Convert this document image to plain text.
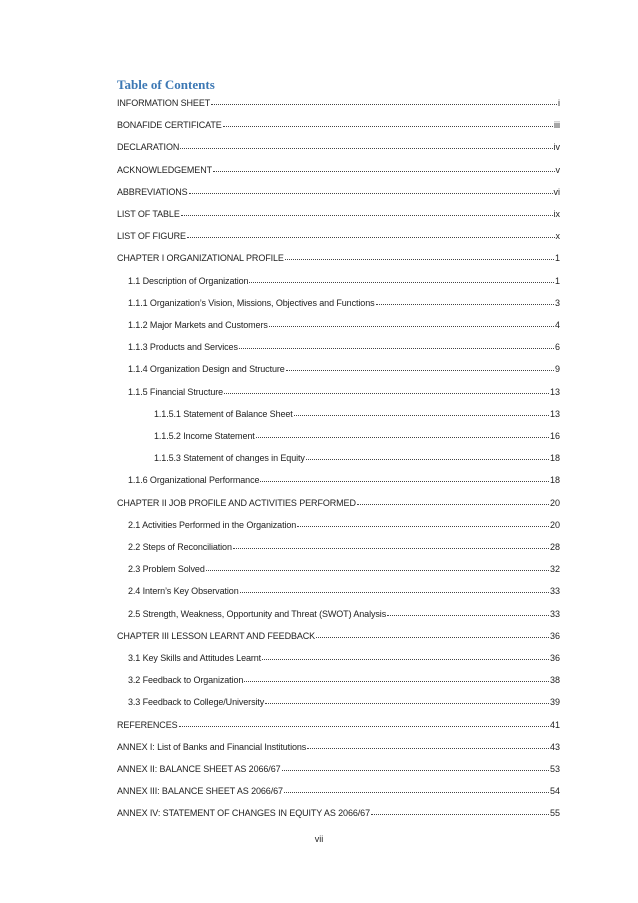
Table of Contents
INFORMATION SHEET	i
BONAFIDE CERTIFICATE	iii
DECLARATION	iv
ACKNOWLEDGEMENT	v
ABBREVIATIONS	vi
LIST OF TABLE	ix
LIST OF FIGURE	x
CHAPTER I ORGANIZATIONAL PROFILE	1
1.1 Description of Organization	1
1.1.1 Organization’s Vision, Missions, Objectives and Functions	3
1.1.2 Major Markets and Customers	4
1.1.3 Products and Services	6
1.1.4 Organization Design and Structure	9
1.1.5 Financial Structure	13
1.1.5.1 Statement of Balance Sheet	13
1.1.5.2 Income Statement	16
1.1.5.3 Statement of changes in Equity	18
1.1.6 Organizational Performance	18
CHAPTER II JOB PROFILE AND ACTIVITIES PERFORMED	20
2.1 Activities Performed in the Organization	20
2.2 Steps of Reconciliation	28
2.3 Problem Solved	32
2.4 Intern’s Key Observation	33
2.5 Strength, Weakness, Opportunity and Threat (SWOT) Analysis	33
CHAPTER III LESSON LEARNT AND FEEDBACK	36
3.1 Key Skills and Attitudes Learnt	36
3.2 Feedback to Organization	38
3.3 Feedback to College/University	39
REFERENCES	41
ANNEX I: List of Banks and Financial Institutions	43
ANNEX II: BALANCE SHEET AS 2066/67	53
ANNEX III: BALANCE SHEET AS 2066/67	54
ANNEX IV: STATEMENT OF CHANGES IN EQUITY AS 2066/67	55
vii
